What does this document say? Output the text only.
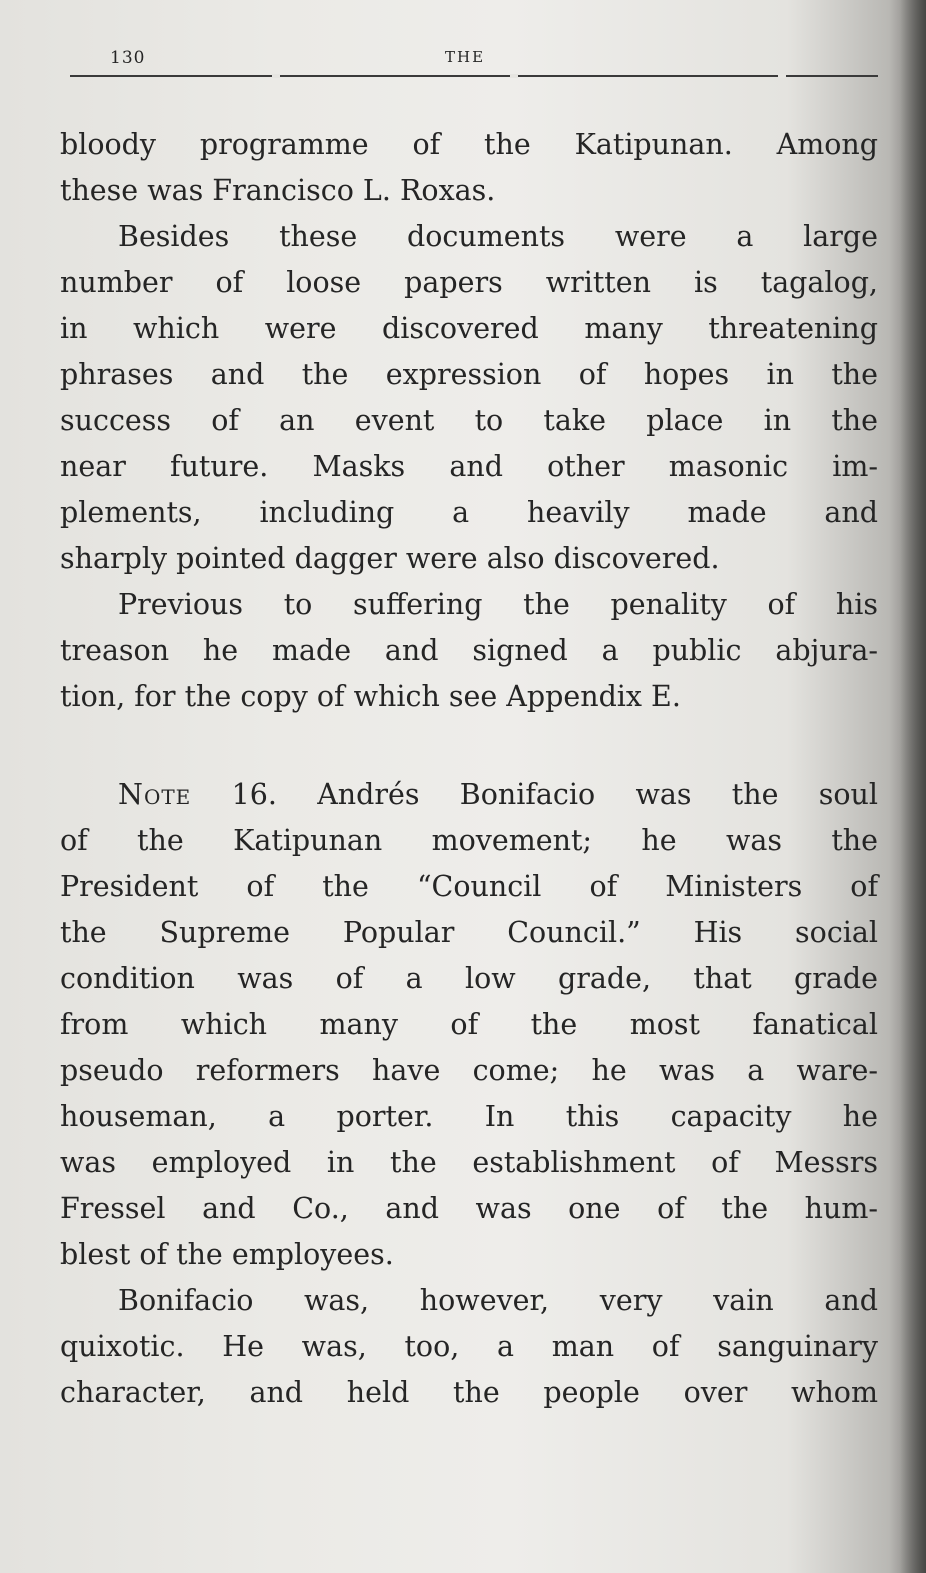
130	THE
bloody programme of the Katipunan. Among
these was Francisco L. Roxas.
Besides these documents were a large
number of loose papers written is tagalog,
in which were discovered many threatening
phrases and the expression of hopes in the
success of an event to take place in the
near future. Masks and other masonic im-
plements, including a heavily made and
sharply pointed dagger were also discovered.
Previous to suffering the penality of his
treason he made and signed a public abjura-
tion, for the copy of which see Appendix E.
Note 16. Andrés Bonifacio was the soul
of the Katipunan movement; he was the
President of the “Council of Ministers of
the Supreme Popular Council.” His social
condition was of a low grade, that grade
from which many of the most fanatical
pseudo reformers have come; he was a ware-
houseman, a porter. In this capacity he
was employed in the establishment of Messrs
Fressel and Co., and was one of the hum-
blest of the employees.
Bonifacio was, however, very vain and
quixotic. He was, too, a man of sanguinary
character, and held the people over whom
